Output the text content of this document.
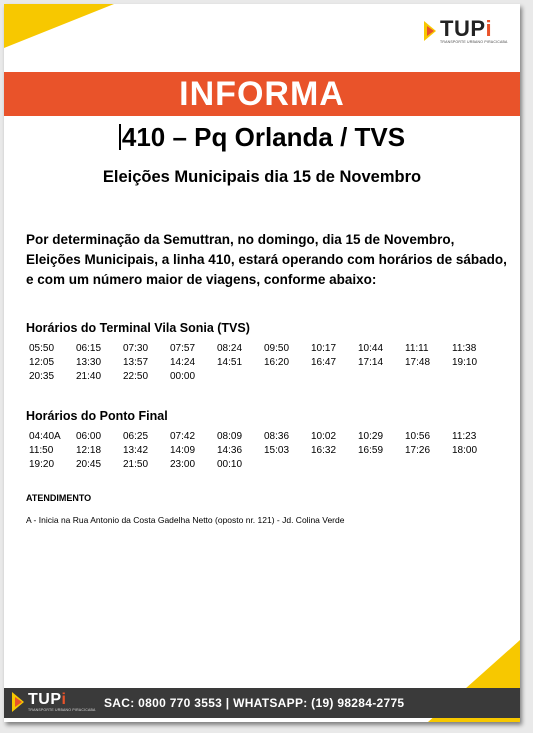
TUPi
TRANSPORTE URBANO PIRACICABA
INFORMA
410 – Pq Orlanda / TVS
Eleições Municipais dia 15 de Novembro
Por determinação da Semuttran, no domingo, dia 15 de Novembro, Eleições Municipais, a linha 410, estará operando com horários de sábado, e com um número maior de viagens, conforme abaixo:
Horários do Terminal Vila Sonia (TVS)
05:50	06:15	07:30	07:57	08:24	09:50	10:17	10:44	11:11	11:38
12:05	13:30	13:57	14:24	14:51	16:20	16:47	17:14	17:48	19:10
20:35	21:40	22:50	00:00
Horários do Ponto Final
04:40A	06:00	06:25	07:42	08:09	08:36	10:02	10:29	10:56	11:23
11:50	12:18	13:42	14:09	14:36	15:03	16:32	16:59	17:26	18:00
19:20	20:45	21:50	23:00	00:10
ATENDIMENTO
A - Inicia na Rua Antonio da Costa Gadelha Netto (oposto nr. 121) - Jd. Colina Verde
TUPi
TRANSPORTE URBANO PIRACICABA SAC: 0800 770 3553 | WHATSAPP: (19) 98284-2775
